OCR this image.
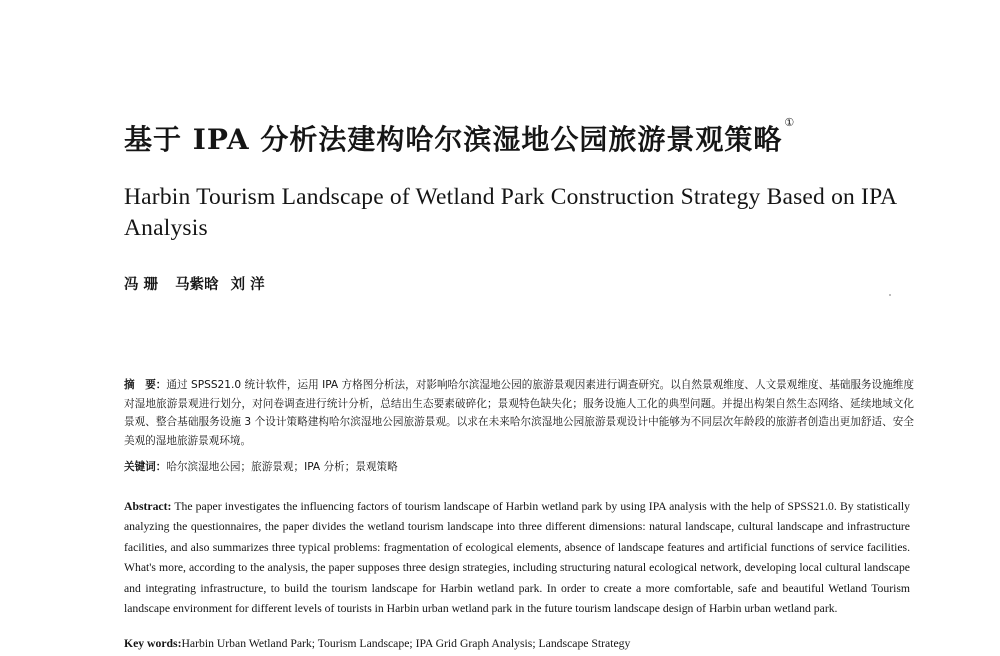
基于 IPA 分析法建构哈尔滨湿地公园旅游景观策略①
Harbin Tourism Landscape of Wetland Park Construction Strategy Based on IPA Analysis
冯 珊 马紫晗 刘 洋
摘　要：通过 SPSS21.0 统计软件，运用 IPA 方格图分析法，对影响哈尔滨湿地公园的旅游景观因素进行调查研究。以自然景观维度、人文景观维度、基础服务设施维度对湿地旅游景观进行划分，对问卷调查进行统计分析，总结出生态要素破碎化；景观特色缺失化；服务设施人工化的典型问题。并提出构架自然生态网络、延续地域文化景观、整合基础服务设施 3 个设计策略建构哈尔滨湿地公园旅游景观。以求在未来哈尔滨湿地公园旅游景观设计中能够为不同层次年龄段的旅游者创造出更加舒适、安全美观的湿地旅游景观环境。
关键词：哈尔滨湿地公园；旅游景观；IPA 分析；景观策略
Abstract: The paper investigates the influencing factors of tourism landscape of Harbin wetland park by using IPA analysis with the help of SPSS21.0. By statistically analyzing the questionnaires, the paper divides the wetland tourism landscape into three different dimensions: natural landscape, cultural landscape and infrastructure facilities, and also summarizes three typical problems: fragmentation of ecological elements, absence of landscape features and artificial functions of service facilities. What's more, according to the analysis, the paper supposes three design strategies, including structuring natural ecological network, developing local cultural landscape and integrating infrastructure, to build the tourism landscape for Harbin wetland park. In order to create a more comfortable, safe and beautiful Wetland Tourism landscape environment for different levels of tourists in Harbin urban wetland park in the future tourism landscape design of Harbin urban wetland park.
Key words:Harbin Urban Wetland Park; Tourism Landscape; IPA Grid Graph Analysis; Landscape Strategy
